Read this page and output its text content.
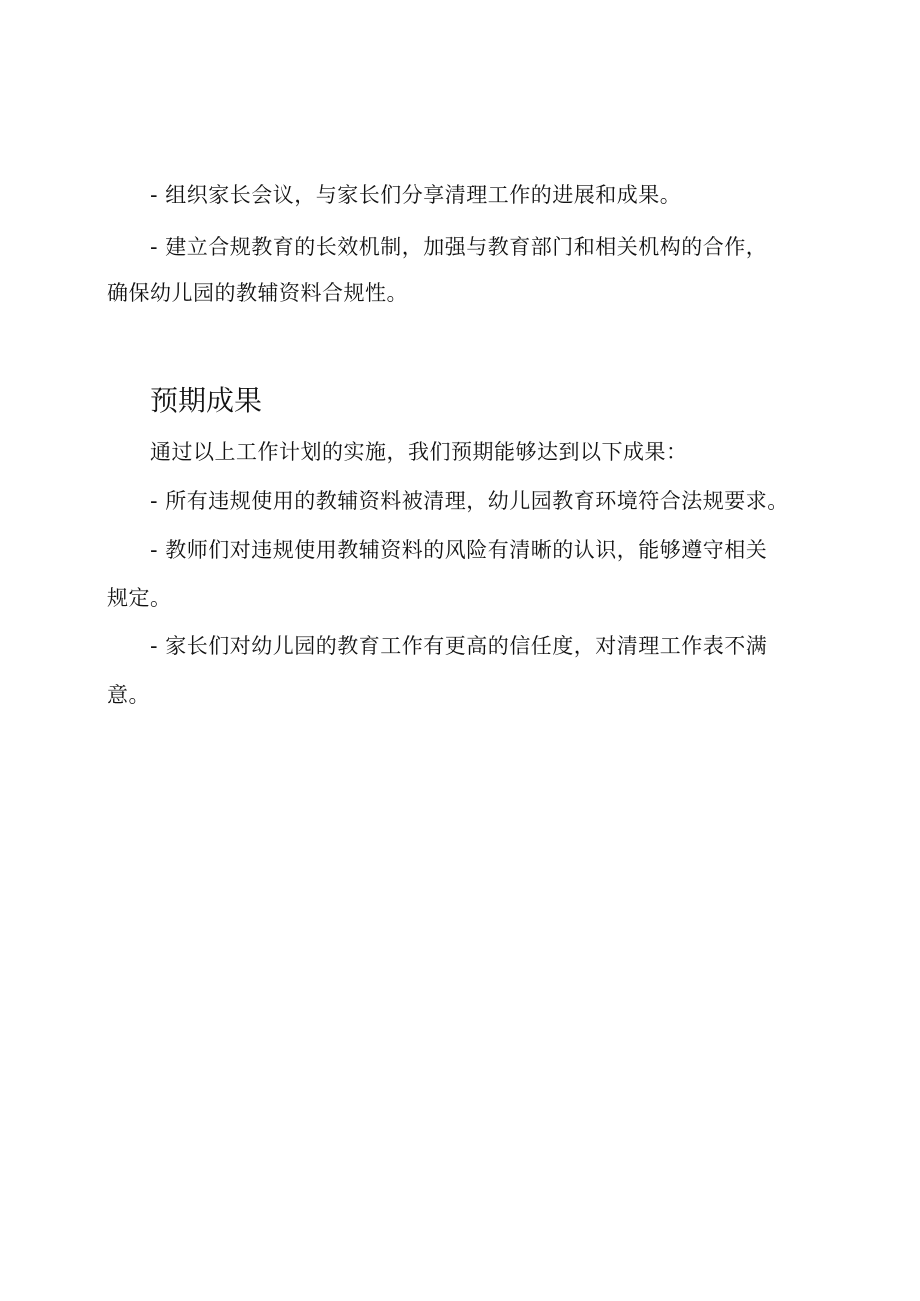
- 组织家长会议，与家长们分享清理工作的进展和成果。
- 建立合规教育的长效机制，加强与教育部门和相关机构的合作，
确保幼儿园的教辅资料合规性。
预期成果
通过以上工作计划的实施，我们预期能够达到以下成果：
- 所有违规使用的教辅资料被清理，幼儿园教育环境符合法规要求。
- 教师们对违规使用教辅资料的风险有清晰的认识，能够遵守相关
规定。
- 家长们对幼儿园的教育工作有更高的信任度，对清理工作表不满
意。
